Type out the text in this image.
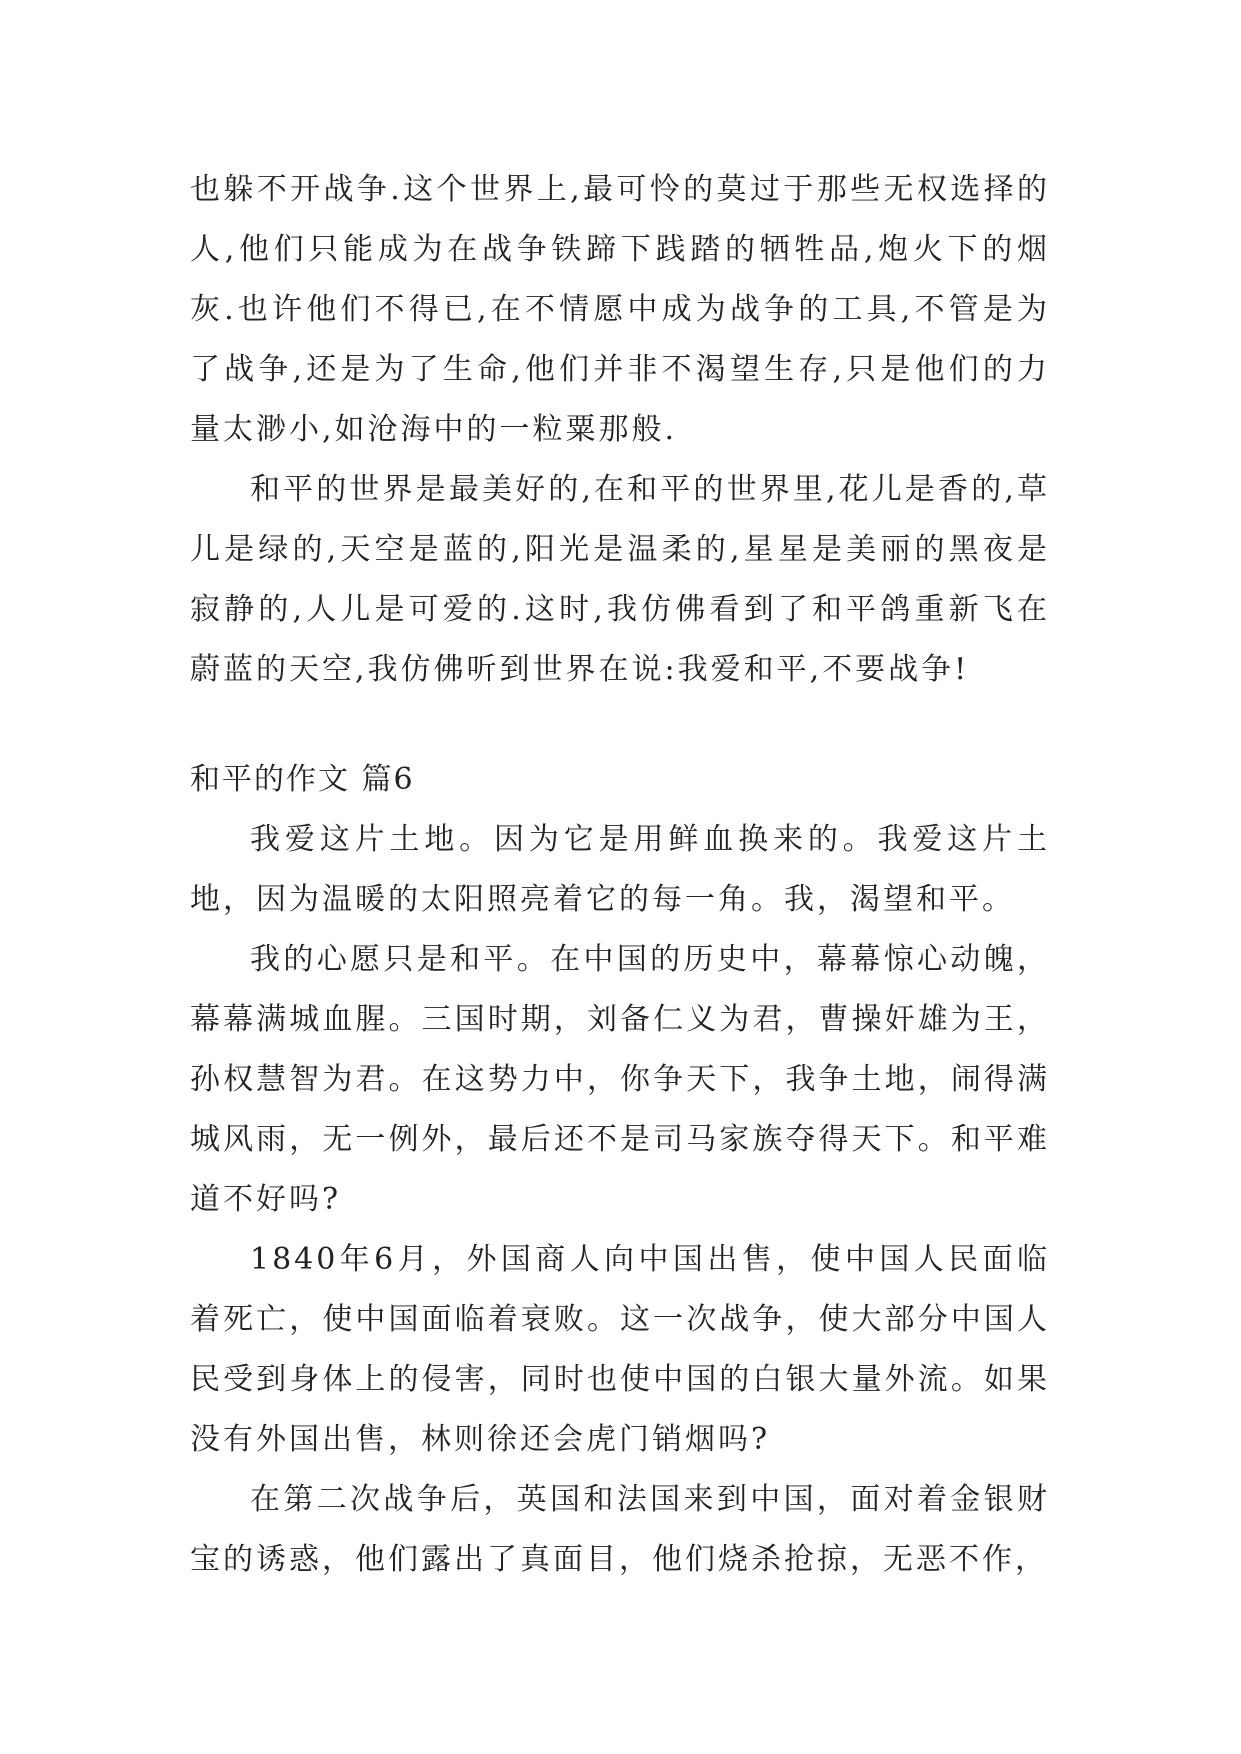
也躲不开战争.这个世界上,最可怜的莫过于那些无权选择的人,他们只能成为在战争铁蹄下践踏的牺牲品,炮火下的烟灰.也许他们不得已,在不情愿中成为战争的工具,不管是为了战争,还是为了生命,他们并非不渴望生存,只是他们的力量太渺小,如沧海中的一粒粟那般.

和平的世界是最美好的,在和平的世界里,花儿是香的,草儿是绿的,天空是蓝的,阳光是温柔的,星星是美丽的黑夜是寂静的,人儿是可爱的.这时,我仿佛看到了和平鸽重新飞在蔚蓝的天空,我仿佛听到世界在说:我爱和平,不要战争!

和平的作文 篇6

我爱这片土地。因为它是用鲜血换来的。我爱这片土地，因为温暖的太阳照亮着它的每一角。我，渴望和平。

我的心愿只是和平。在中国的历史中，幕幕惊心动魄，幕幕满城血腥。三国时期，刘备仁义为君，曹操奸雄为王，孙权慧智为君。在这势力中，你争天下，我争土地，闹得满城风雨，无一例外，最后还不是司马家族夺得天下。和平难道不好吗?

1840年6月，外国商人向中国出售，使中国人民面临着死亡，使中国面临着衰败。这一次战争，使大部分中国人民受到身体上的侵害，同时也使中国的白银大量外流。如果没有外国出售，林则徐还会虎门销烟吗?

在第二次战争后，英国和法国来到中国，面对着金银财宝的诱惑，他们露出了真面目，他们烧杀抢掠，无恶不作，
